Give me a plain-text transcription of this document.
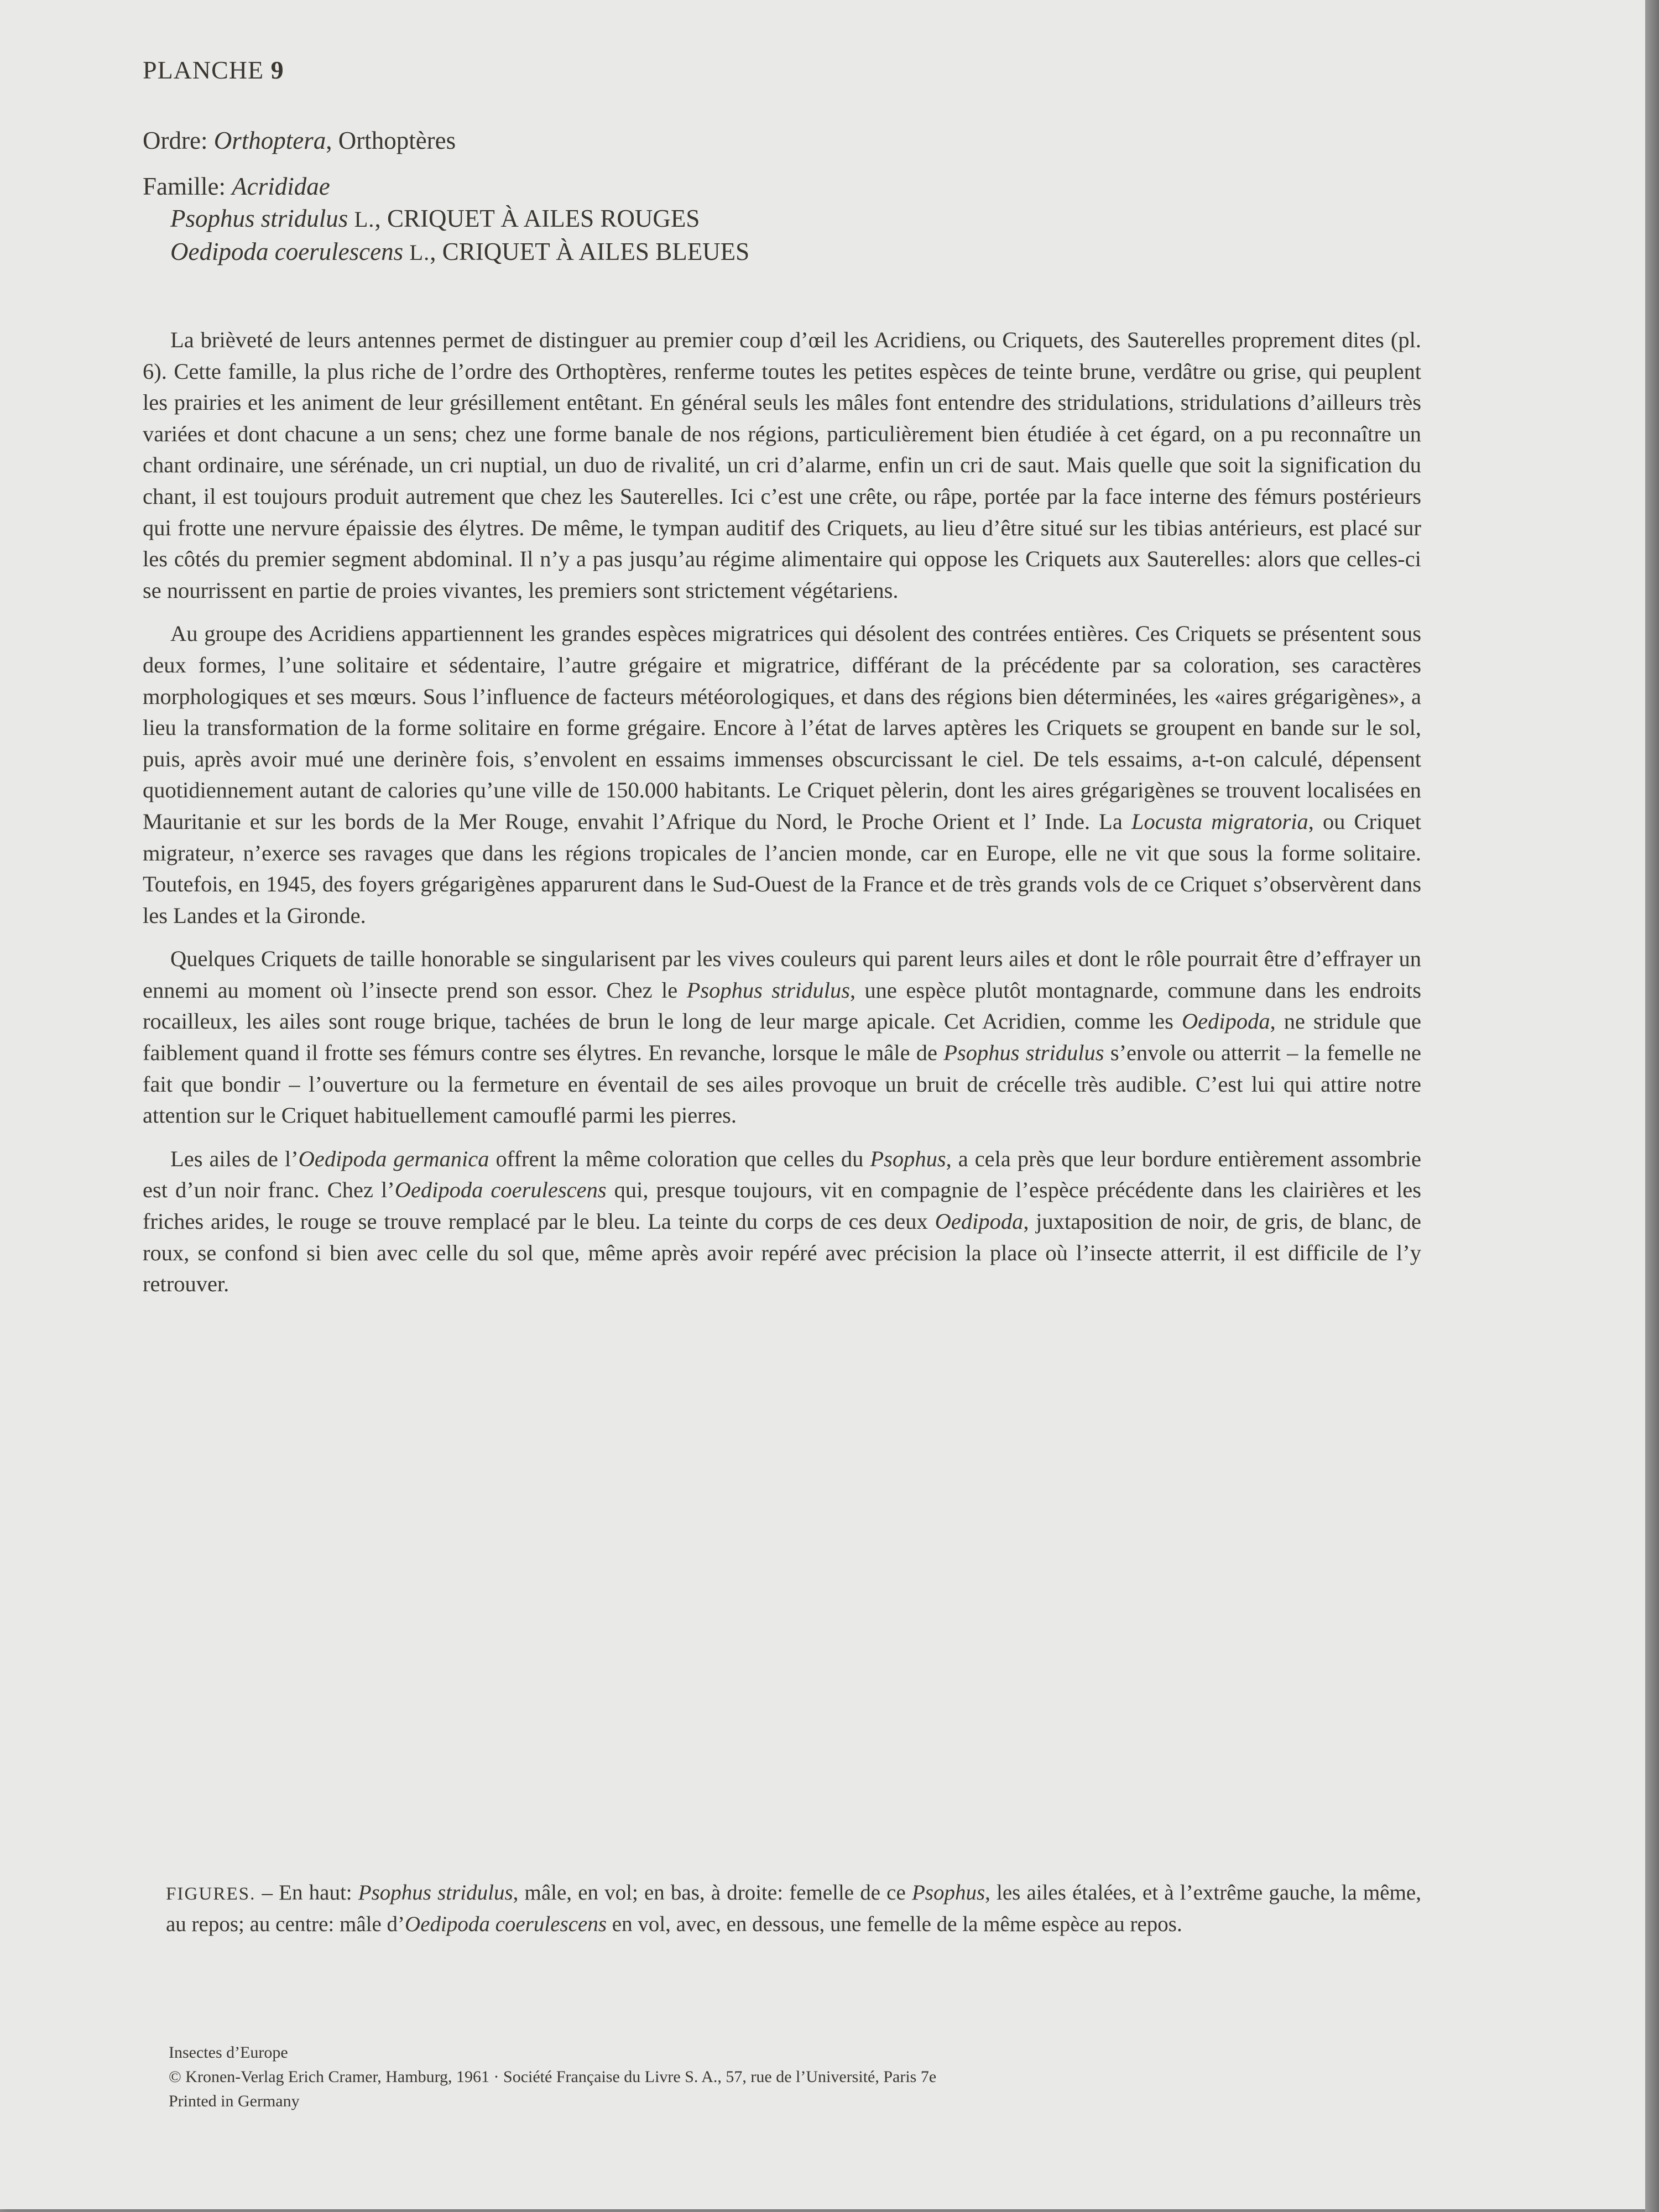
PLANCHE 9
Ordre: Orthoptera, Orthoptères
Famille: Acrididae
Psophus stridulus L., CRIQUET À AILES ROUGES
Oedipoda coerulescens L., CRIQUET À AILES BLEUES

La brièveté de leurs antennes permet de distinguer au premier coup d’œil les Acridiens, ou Criquets, des Sauterelles proprement dites (pl. 6). Cette famille, la plus riche de l’ordre des Orthoptères, renferme toutes les petites espèces de teinte brune, verdâtre ou grise, qui peuplent les prairies et les animent de leur grésillement entêtant. En général seuls les mâles font entendre des stridulations, stridulations d’ailleurs très variées et dont chacune a un sens; chez une forme banale de nos régions, particulièrement bien étudiée à cet égard, on a pu reconnaître un chant ordinaire, une sérénade, un cri nuptial, un duo de rivalité, un cri d’alarme, enfin un cri de saut. Mais quelle que soit la signification du chant, il est toujours produit autrement que chez les Sauterelles. Ici c’est une crête, ou râpe, portée par la face interne des fémurs postérieurs qui frotte une nervure épaissie des élytres. De même, le tympan auditif des Criquets, au lieu d’être situé sur les tibias antérieurs, est placé sur les côtés du premier segment abdominal. Il n’y a pas jusqu’au régime alimentaire qui oppose les Criquets aux Sauterelles: alors que celles-ci se nourrissent en partie de proies vivantes, les premiers sont strictement végétariens.

Au groupe des Acridiens appartiennent les grandes espèces migratrices qui désolent des contrées entières. Ces Criquets se présentent sous deux formes, l’une solitaire et sédentaire, l’autre grégaire et migratrice, différant de la précédente par sa coloration, ses caractères morphologiques et ses mœurs. Sous l’influence de facteurs météorologiques, et dans des régions bien déterminées, les «aires grégarigènes», a lieu la transformation de la forme solitaire en forme grégaire. Encore à l’état de larves aptères les Criquets se groupent en bande sur le sol, puis, après avoir mué une derinère fois, s’envolent en essaims immenses obscurcissant le ciel. De tels essaims, a-t-on calculé, dépensent quotidiennement autant de calories qu’une ville de 150.000 habitants. Le Criquet pèlerin, dont les aires grégarigènes se trouvent localisées en Mauritanie et sur les bords de la Mer Rouge, envahit l’Afrique du Nord, le Proche Orient et l’ Inde. La Locusta migratoria, ou Criquet migrateur, n’exerce ses ravages que dans les régions tropicales de l’ancien monde, car en Europe, elle ne vit que sous la forme solitaire. Toutefois, en 1945, des foyers grégarigènes apparurent dans le Sud-Ouest de la France et de très grands vols de ce Criquet s’observèrent dans les Landes et la Gironde.

Quelques Criquets de taille honorable se singularisent par les vives couleurs qui parent leurs ailes et dont le rôle pourrait être d’effrayer un ennemi au moment où l’insecte prend son essor. Chez le Psophus stridulus, une espèce plutôt montagnarde, commune dans les endroits rocailleux, les ailes sont rouge brique, tachées de brun le long de leur marge apicale. Cet Acridien, comme les Oedipoda, ne stridule que faiblement quand il frotte ses fémurs contre ses élytres. En revanche, lorsque le mâle de Psophus stridulus s’envole ou atterrit – la femelle ne fait que bondir – l’ouverture ou la fermeture en éventail de ses ailes provoque un bruit de crécelle très audible. C’est lui qui attire notre attention sur le Criquet habituellement camouflé parmi les pierres.

Les ailes de l’Oedipoda germanica offrent la même coloration que celles du Psophus, a cela près que leur bordure entièrement assombrie est d’un noir franc. Chez l’Oedipoda coerulescens qui, presque toujours, vit en compagnie de l’espèce précédente dans les clairières et les friches arides, le rouge se trouve remplacé par le bleu. La teinte du corps de ces deux Oedipoda, juxtaposition de noir, de gris, de blanc, de roux, se confond si bien avec celle du sol que, même après avoir repéré avec précision la place où l’insecte atterrit, il est difficile de l’y retrouver.

FIGURES. – En haut: Psophus stridulus, mâle, en vol; en bas, à droite: femelle de ce Psophus, les ailes étalées, et à l’extrême gauche, la même, au repos; au centre: mâle d’Oedipoda coerulescens en vol, avec, en dessous, une femelle de la même espèce au repos.
Insectes d’Europe
© Kronen-Verlag Erich Cramer, Hamburg, 1961 · Société Française du Livre S. A., 57, rue de l’Université, Paris 7e
Printed in Germany
